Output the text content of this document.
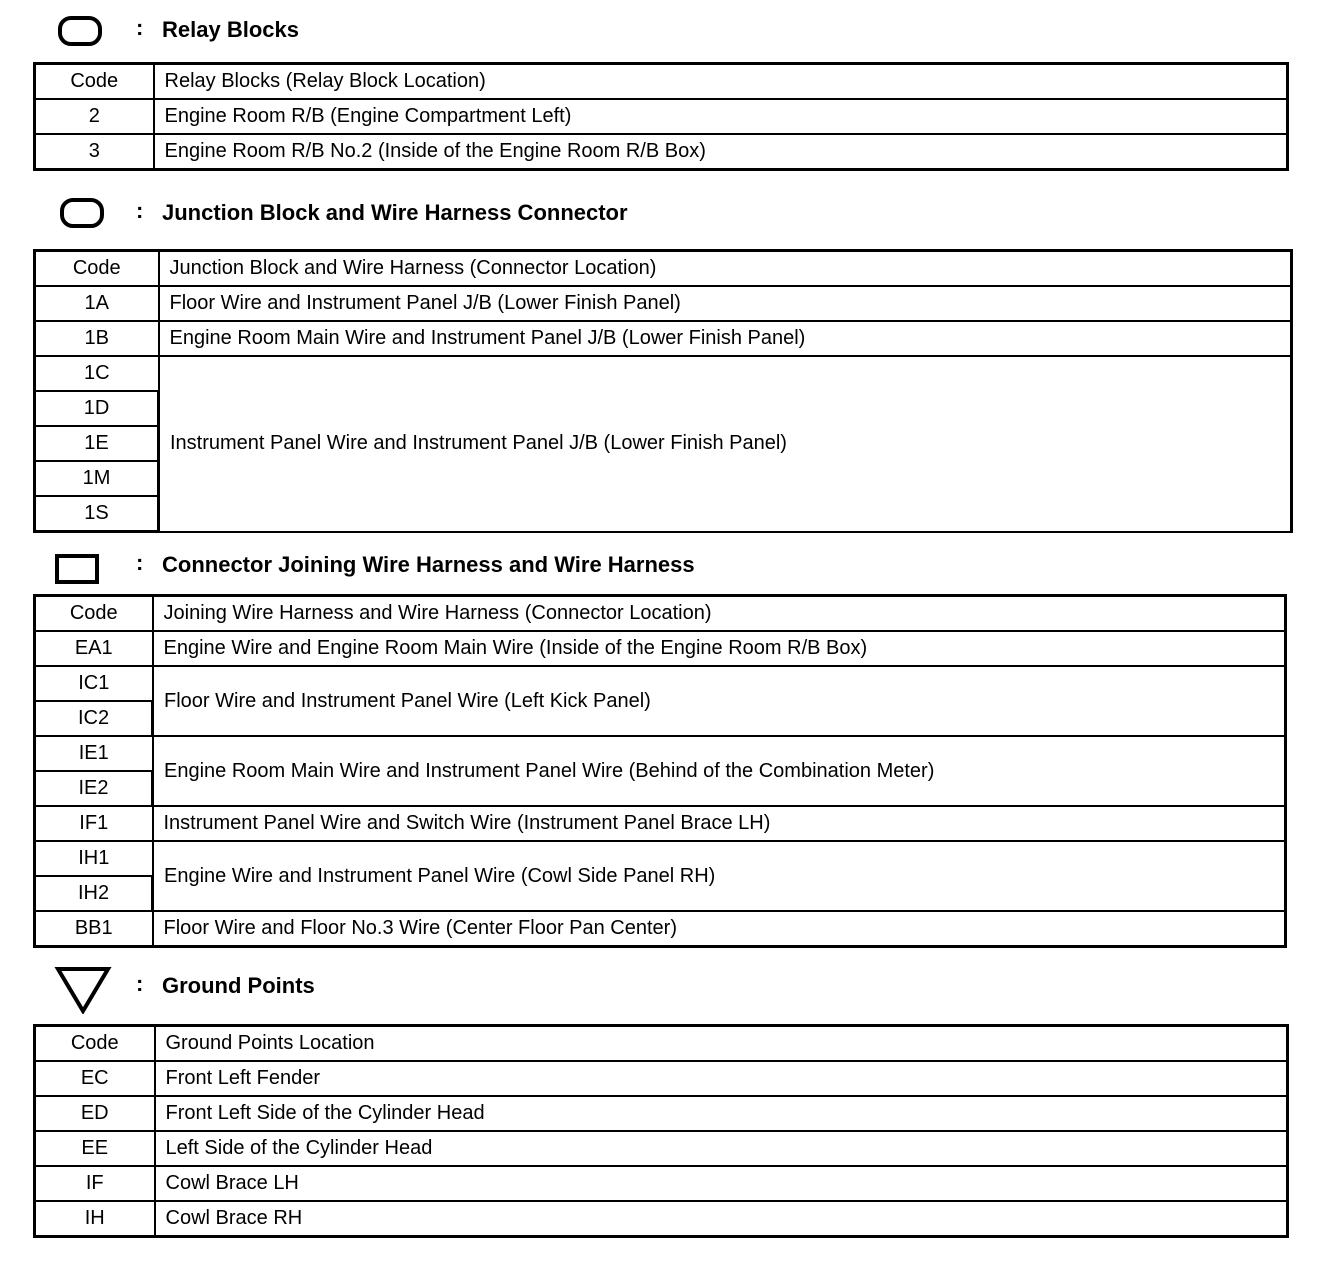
: Relay Blocks
Code	Relay Blocks (Relay Block Location)
2	Engine Room R/B (Engine Compartment Left)
3	Engine Room R/B No.2 (Inside of the Engine Room R/B Box)
: Junction Block and Wire Harness Connector
Code	Junction Block and Wire Harness (Connector Location)
1A	Floor Wire and Instrument Panel J/B (Lower Finish Panel)
1B	Engine Room Main Wire and Instrument Panel J/B (Lower Finish Panel)
1C	Instrument Panel Wire and Instrument Panel J/B (Lower Finish Panel)
1D	
1E	
1M	
1S	
: Connector Joining Wire Harness and Wire Harness
Code	Joining Wire Harness and Wire Harness (Connector Location)
EA1	Engine Wire and Engine Room Main Wire (Inside of the Engine Room R/B Box)
IC1	Floor Wire and Instrument Panel Wire (Left Kick Panel)
IC2	
IE1	Engine Room Main Wire and Instrument Panel Wire (Behind of the Combination Meter)
IE2	
IF1	Instrument Panel Wire and Switch Wire (Instrument Panel Brace LH)
IH1	Engine Wire and Instrument Panel Wire (Cowl Side Panel RH)
IH2	
BB1	Floor Wire and Floor No.3 Wire (Center Floor Pan Center)
: Ground Points
Code	Ground Points Location
EC	Front Left Fender
ED	Front Left Side of the Cylinder Head
EE	Left Side of the Cylinder Head
IF	Cowl Brace LH
IH	Cowl Brace RH
